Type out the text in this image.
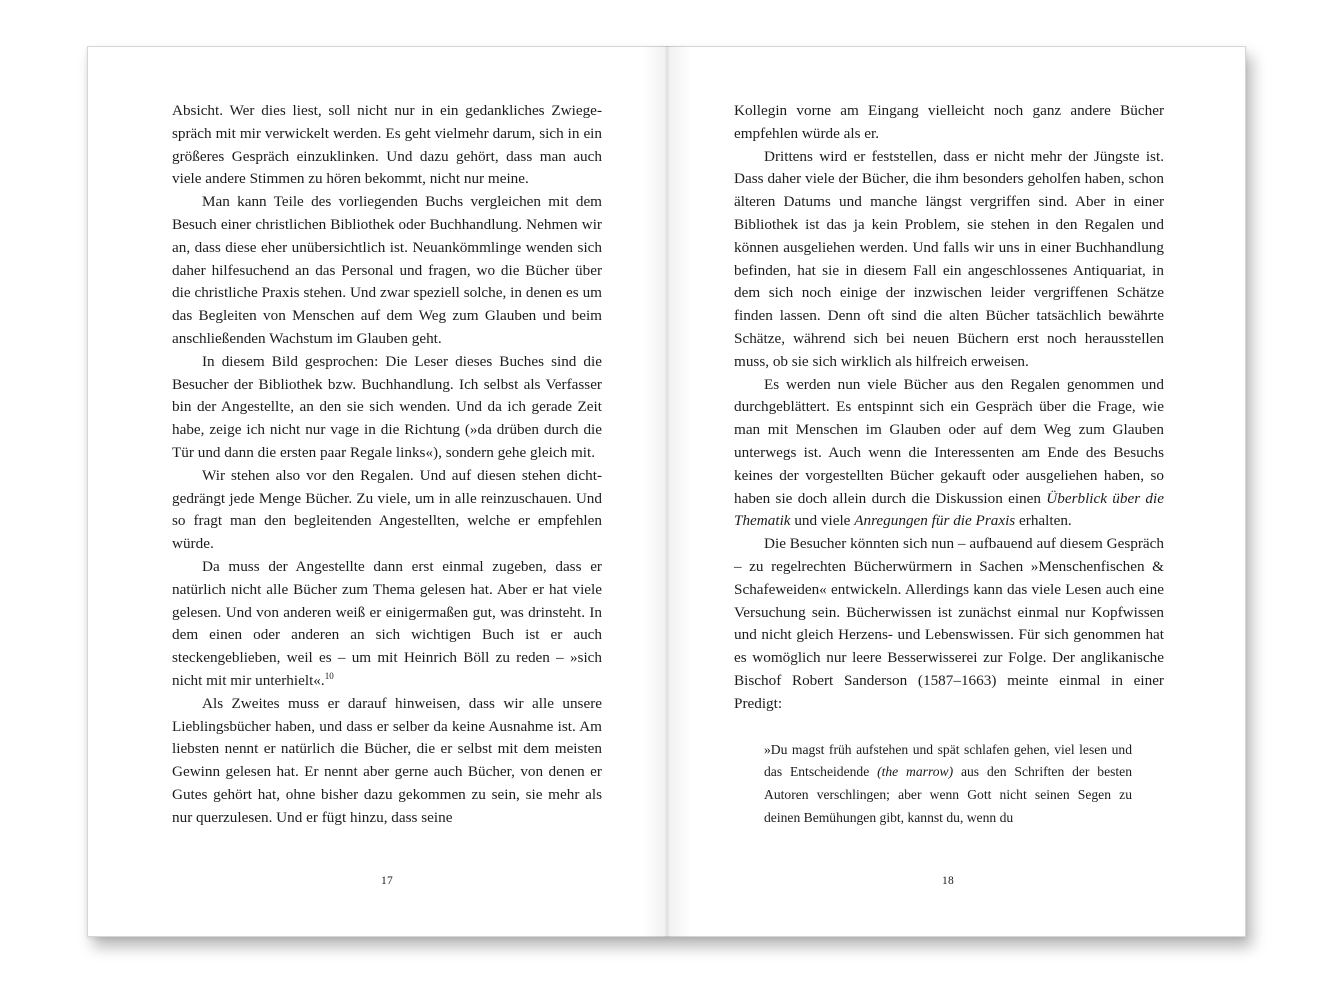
Absicht. Wer dies liest, soll nicht nur in ein gedankliches Zwiegespräch mit mir verwickelt werden. Es geht vielmehr darum, sich in ein größeres Gespräch einzuklinken. Und dazu gehört, dass man auch viele andere Stimmen zu hören bekommt, nicht nur meine.

Man kann Teile des vorliegenden Buchs vergleichen mit dem Besuch einer christlichen Bibliothek oder Buchhandlung. Nehmen wir an, dass diese eher unübersichtlich ist. Neuankömmlinge wenden sich daher hilfesuchend an das Personal und fragen, wo die Bücher über die christliche Praxis stehen. Und zwar speziell solche, in denen es um das Begleiten von Menschen auf dem Weg zum Glauben und beim anschließenden Wachstum im Glauben geht.

In diesem Bild gesprochen: Die Leser dieses Buches sind die Besucher der Bibliothek bzw. Buchhandlung. Ich selbst als Verfasser bin der Angestellte, an den sie sich wenden. Und da ich gerade Zeit habe, zeige ich nicht nur vage in die Richtung (»da drüben durch die Tür und dann die ersten paar Regale links«), sondern gehe gleich mit.

Wir stehen also vor den Regalen. Und auf diesen stehen dichtgedrängt jede Menge Bücher. Zu viele, um in alle reinzuschauen. Und so fragt man den begleitenden Angestellten, welche er empfehlen würde.

Da muss der Angestellte dann erst einmal zugeben, dass er natürlich nicht alle Bücher zum Thema gelesen hat. Aber er hat viele gelesen. Und von anderen weiß er einigermaßen gut, was drinsteht. In dem einen oder anderen an sich wichtigen Buch ist er auch steckengeblieben, weil es – um mit Heinrich Böll zu reden – »sich nicht mit mir unterhielt«.$^{10}$

Als Zweites muss er darauf hinweisen, dass wir alle unsere Lieblingsbücher haben, und dass er selber da keine Ausnahme ist. Am liebsten nennt er natürlich die Bücher, die er selbst mit dem meisten Gewinn gelesen hat. Er nennt aber gerne auch Bücher, von denen er Gutes gehört hat, ohne bisher dazu gekommen zu sein, sie mehr als nur querzulesen. Und er fügt hinzu, dass seine

17

Kollegin vorne am Eingang vielleicht noch ganz andere Bücher empfehlen würde als er.

Drittens wird er feststellen, dass er nicht mehr der Jüngste ist. Dass daher viele der Bücher, die ihm besonders geholfen haben, schon älteren Datums und manche längst vergriffen sind. Aber in einer Bibliothek ist das ja kein Problem, sie stehen in den Regalen und können ausgeliehen werden. Und falls wir uns in einer Buchhandlung befinden, hat sie in diesem Fall ein angeschlossenes Antiquariat, in dem sich noch einige der inzwischen leider vergriffenen Schätze finden lassen. Denn oft sind die alten Bücher tatsächlich bewährte Schätze, während sich bei neuen Büchern erst noch herausstellen muss, ob sie sich wirklich als hilfreich erweisen.

Es werden nun viele Bücher aus den Regalen genommen und durchgeblättert. Es entspinnt sich ein Gespräch über die Frage, wie man mit Menschen im Glauben oder auf dem Weg zum Glauben unterwegs ist. Auch wenn die Interessenten am Ende des Besuchs keines der vorgestellten Bücher gekauft oder ausgeliehen haben, so haben sie doch allein durch die Diskussion einen Überblick über die Thematik und viele Anregungen für die Praxis erhalten.

Die Besucher könnten sich nun – aufbauend auf diesem Gespräch – zu regelrechten Bücherwürmern in Sachen »Menschenfischen & Schafeweiden« entwickeln. Allerdings kann das viele Lesen auch eine Versuchung sein. Bücherwissen ist zunächst einmal nur Kopfwissen und nicht gleich Herzens- und Lebenswissen. Für sich genommen hat es womöglich nur leere Besserwisserei zur Folge. Der anglikanische Bischof Robert Sanderson (1587–1663) meinte einmal in einer Predigt:

»Du magst früh aufstehen und spät schlafen gehen, viel lesen und das Entscheidende (the marrow) aus den Schriften der besten Autoren verschlingen; aber wenn Gott nicht seinen Segen zu deinen Bemühungen gibt, kannst du, wenn du
18
